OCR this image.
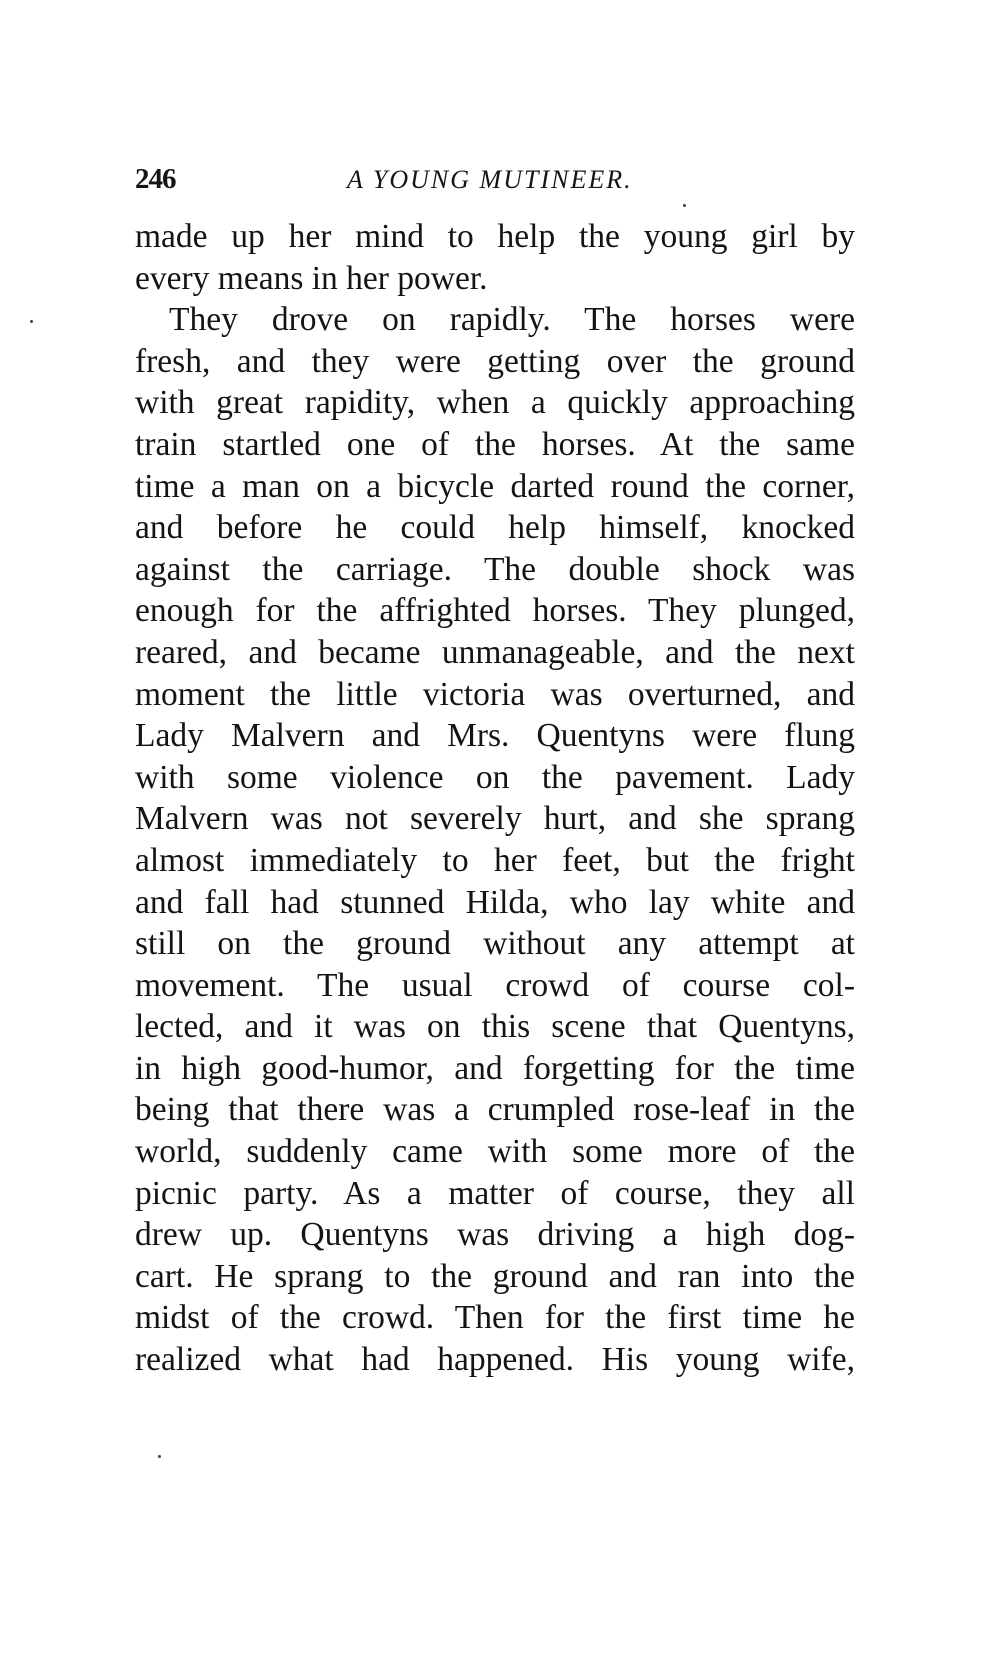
246	A YOUNG MUTINEER.
made up her mind to help the young girl by
every means in her power.
They drove on rapidly. The horses were
fresh, and they were getting over the ground
with great rapidity, when a quickly approaching
train startled one of the horses. At the same
time a man on a bicycle darted round the corner,
and before he could help himself, knocked
against the carriage. The double shock was
enough for the affrighted horses. They plunged,
reared, and became unmanageable, and the next
moment the little victoria was overturned, and
Lady Malvern and Mrs. Quentyns were flung
with some violence on the pavement. Lady
Malvern was not severely hurt, and she sprang
almost immediately to her feet, but the fright
and fall had stunned Hilda, who lay white and
still on the ground without any attempt at
movement. The usual crowd of course col-
lected, and it was on this scene that Quentyns,
in high good-humor, and forgetting for the time
being that there was a crumpled rose-leaf in the
world, suddenly came with some more of the
picnic party. As a matter of course, they all
drew up. Quentyns was driving a high dog-
cart. He sprang to the ground and ran into the
midst of the crowd. Then for the first time he
realized what had happened. His young wife,
